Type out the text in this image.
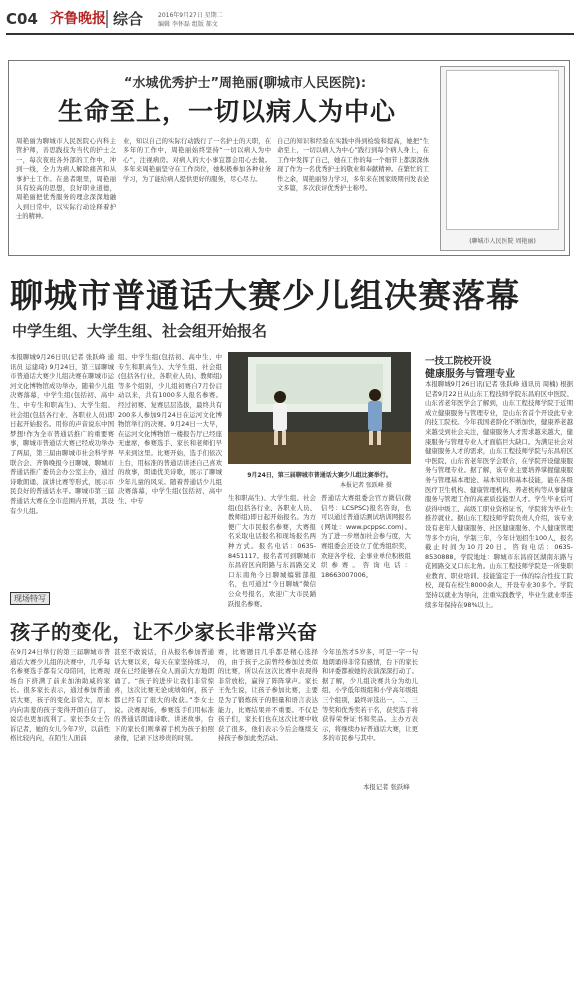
C04 齐鲁晚报 综合 2016年9月27日 星期二
编辑 李怀磊 组版 郝文
“水城优秀护士”周艳丽(聊城市人民医院):
生命至上，一切以病人为中心
周艳丽为聊城市人民医院心内科主管护师，善思践技为当代的护士之一，每次夜班各外部的工作中，冲到一线，全力为病人解除痛苦和从事护士工作。在患者眼里，周艳丽具有较高的思想，良好职业道德，周艳丽把优秀服务的理念深深地融入到日常中，以实际行动诠释着护士的精神。
业，知以自己的实际行动践行了一名护士的天职，在多年的工作中，周艳丽始终坚持“一切以病人为中心”，注视病房。对病人的大小事宜都会用心去做。多年来周艳丽坚守在工作岗位，她积极参加各种业务学习，为了能给病人提供更好的服务，尽心尽力。
自己的知识和经验在实践中得到检验和提高，她把“生命至上，一切以病人为中心”践行到每个病人身上，在工作中发挥了自己，她在工作的每一个细节上都深深体现了作为一名优秀护士的敬业和奉献精神。在繁忙的工作之余，周艳丽努力学习，多年来在国家级期刊发表论文多篇，多次获评优秀护士称号。
(聊城市人民医院 周艳丽)
聊城市普通话大赛少儿组决赛落幕
中学生组、大学生组、社会组开始报名
本报聊城9月26日讯(记者 张跃峰 通讯员 运建琦) 9月24日，第三届聊城市普通话大赛少儿组决赛在聊城市运河文化博物馆成功举办，随着少儿组决赛落幕，中学生组(包括初、高中生、中专生和职高生)、大学生组、社会组(包括各行业、各职业人员)即日起开始报名。用你的声音说东中国梦想!作为全市普通话推广的重要赛事，聊城市普通话大赛已经成功举办了两届，第三届由聊城市社会科学界联合会、齐鲁晚报今日聊城、聊城市普通话推广委员会办公室主办，通过诗歌朗诵、演讲比赛等形式，展示市民良好的普通话水平。聊城市第三届普通话大赛在全市范围内开展，其设有少儿组。
组、中学生组(包括初、高中生、中专生和职高生)、大学生组、社会组(包括各行业、各职业人员)、教师组)等多个组别，少儿组初赛自7月份启动以来，共有1000多人报名参赛。经过初赛、复赛层层选拔，最终共有200多人参加9月24日在运河文化博物馆举行的决赛。9月24日一大早，在运河文化博物馆一楼报告厅已经座无虚席，参赛选手、家长和老师们早早来到这里。比赛开始，选手们依次上台，用标准的普通话讲述自己喜欢的故事，朗诵优美诗歌，展示了聊城少年儿童的风采。随着普通话少儿组决赛落幕，中学生组(包括初、高中生、中专
9月24日，第三届聊城市普通话大赛少儿组比赛举行。
本报记者 张跃峰 摄
生和职高生)、大学生组、社会组(包括各行业、各职业人员、教师组)即日起开始报名。为方便广大市民报名参赛，大赛报名采取电话报名和现场报名两种方式。报名电话：0635-8451117。报名者可到聊城市东昌府区向阳路与东昌路交叉口东南角今日聊城编辑部报名，也可通过“今日聊城”微信公众号报名，欢迎广大市民踊跃报名参赛。
普通话大赛组委会官方微信(微信号：LCSPSC)报名咨询，也可以通过普通话测试培训网报名(网址：www.pcppsc.com)。为了进一步增加社会参与度，大赛组委会还设立了优秀组织奖，欢迎各学校、企事业单位积极组织参赛。咨询电话：18663007006。
一技工院校开设
健康服务与管理专业
本报聊城9月26日讯(记者 张跃峰 通讯员 周楠) 根据记者9月22日从山东工程技师学院东昌府区中医院、山东省老年医学会了解到，山东工程技师学院于近期成立健康服务与管理专业，是山东省首个开设此专业的技工院校。今年我国老龄化不断加快，健康养老越来越受到社会关注，健康服务人才需求越来越大，健康服务与管理专业人才面临巨大缺口。为满足社会对健康服务人才的需求，山东工程技师学院与东昌府区中医院、山东省老年医学会联合，在学院开设健康服务与管理专业。据了解，该专业主要培养掌握健康服务与管理基本理论、基本知识和基本技能，能在各级医疗卫生机构、健康管理机构、养老机构等从事健康服务与管理工作的高素质技能型人才。学生毕业后可获得中级工、高级工职业资格证书，学院将为毕业生推荐就业。据山东工程技师学院负责人介绍，该专业设有老年人健康服务、社区健康服务、个人健康管理等多个方向，学制三年，今年计划招生100人，报名截止时间为10月20日。咨询电话：0635-8530888。学院地址：聊城市东昌府区湖南东路与花园路交叉口东北角。山东工程技师学院是一所集职业教育、职业培训、技能鉴定于一体的综合性技工院校，现有在校生8000余人，开设专业30多个。学院坚持以就业为导向，注重实践教学，毕业生就业率连续多年保持在98%以上。
现场特写
孩子的变化，让不少家长非常兴奋
在9月24日举行的第三届聊城市普通话大赛少儿组的决赛中，几乎每名参赛选手都有父母陪同，比赛现场台下挤满了前来加油助威的家长。很多家长表示，通过参加普通话大赛，孩子的变化非常大，原本内向害羞的孩子变得开朗自信了，说话也更加流利了。家长李女士告诉记者，她的女儿今年7岁，以前性格比较内向，在陌生人面前
甚至不敢说话，自从报名参加普通话大赛以来，每天在家坚持练习，现在已经能够在众人面前大方地朗诵了。“孩子的进步让我们非常惊喜，这次比赛无论成绩如何，孩子都已经有了很大的收获。”李女士说。决赛现场，参赛选手们用标准的普通话朗诵诗歌、讲述故事，台下的家长们则拿着手机为孩子拍照录像，记录下这珍贵的时刻。
赛，比赛题目几乎都是精心选择的，由于孩子之前曾经参加过类似的比赛，所以在这次比赛中表现得非常放松，赢得了阵阵掌声。家长王先生说，让孩子参加比赛，主要是为了锻炼孩子的胆量和语言表达能力，比赛结果并不重要。不仅是孩子们，家长们也在这次比赛中收获了很多，他们表示今后会继续支持孩子参加此类活动。
今年虽然才5岁多，可是一字一句地朗诵得非常有感情，台下的家长和评委都被她的表演深深打动了。据了解，少儿组决赛共分为幼儿组、小学低年级组和小学高年级组三个组别，最终评选出一、二、三等奖和优秀奖若干名，获奖选手将获得荣誉证书和奖品。主办方表示，将继续办好普通话大赛，让更多的市民参与其中。
本报记者 张跃峰
